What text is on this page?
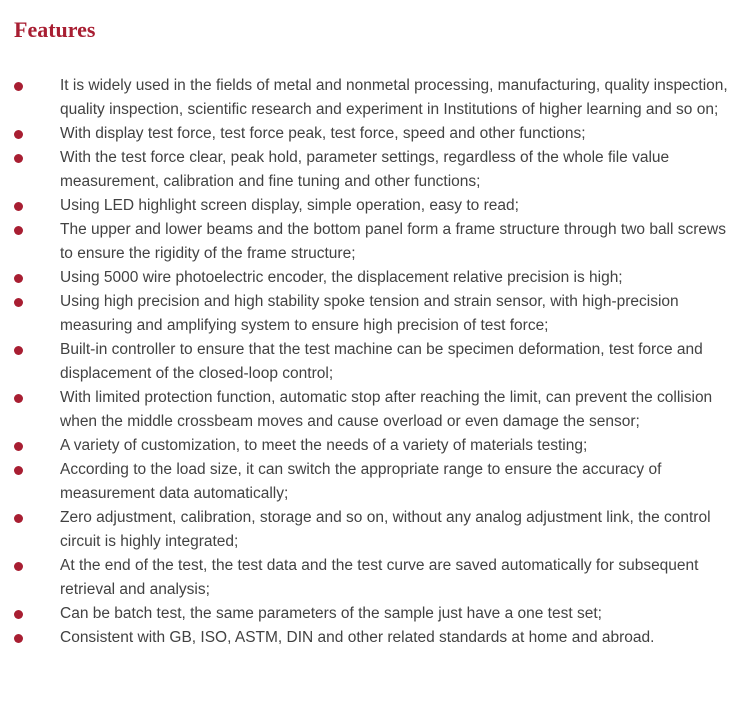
Features
It is widely used in the fields of metal and nonmetal processing, manufacturing, quality inspection, quality inspection, scientific research and experiment in Institutions of higher learning and so on;
With display test force, test force peak, test force, speed and other functions;
With the test force clear, peak hold, parameter settings, regardless of the whole file value measurement, calibration and fine tuning and other functions;
Using LED highlight screen display, simple operation, easy to read;
The upper and lower beams and the bottom panel form a frame structure through two ball screws to ensure the rigidity of the frame structure;
Using 5000 wire photoelectric encoder, the displacement relative precision is high;
Using high precision and high stability spoke tension and strain sensor, with high-precision measuring and amplifying system to ensure high precision of test force;
Built-in controller to ensure that the test machine can be specimen deformation, test force and displacement of the closed-loop control;
With limited protection function, automatic stop after reaching the limit, can prevent the collision when the middle crossbeam moves and cause overload or even damage the sensor;
A variety of customization, to meet the needs of a variety of materials testing;
According to the load size, it can switch the appropriate range to ensure the accuracy of measurement data automatically;
Zero adjustment, calibration, storage and so on, without any analog adjustment link, the control circuit is highly integrated;
At the end of the test, the test data and the test curve are saved automatically for subsequent retrieval and analysis;
Can be batch test, the same parameters of the sample just have a one test set;
Consistent with GB, ISO, ASTM, DIN and other related standards at home and abroad.
